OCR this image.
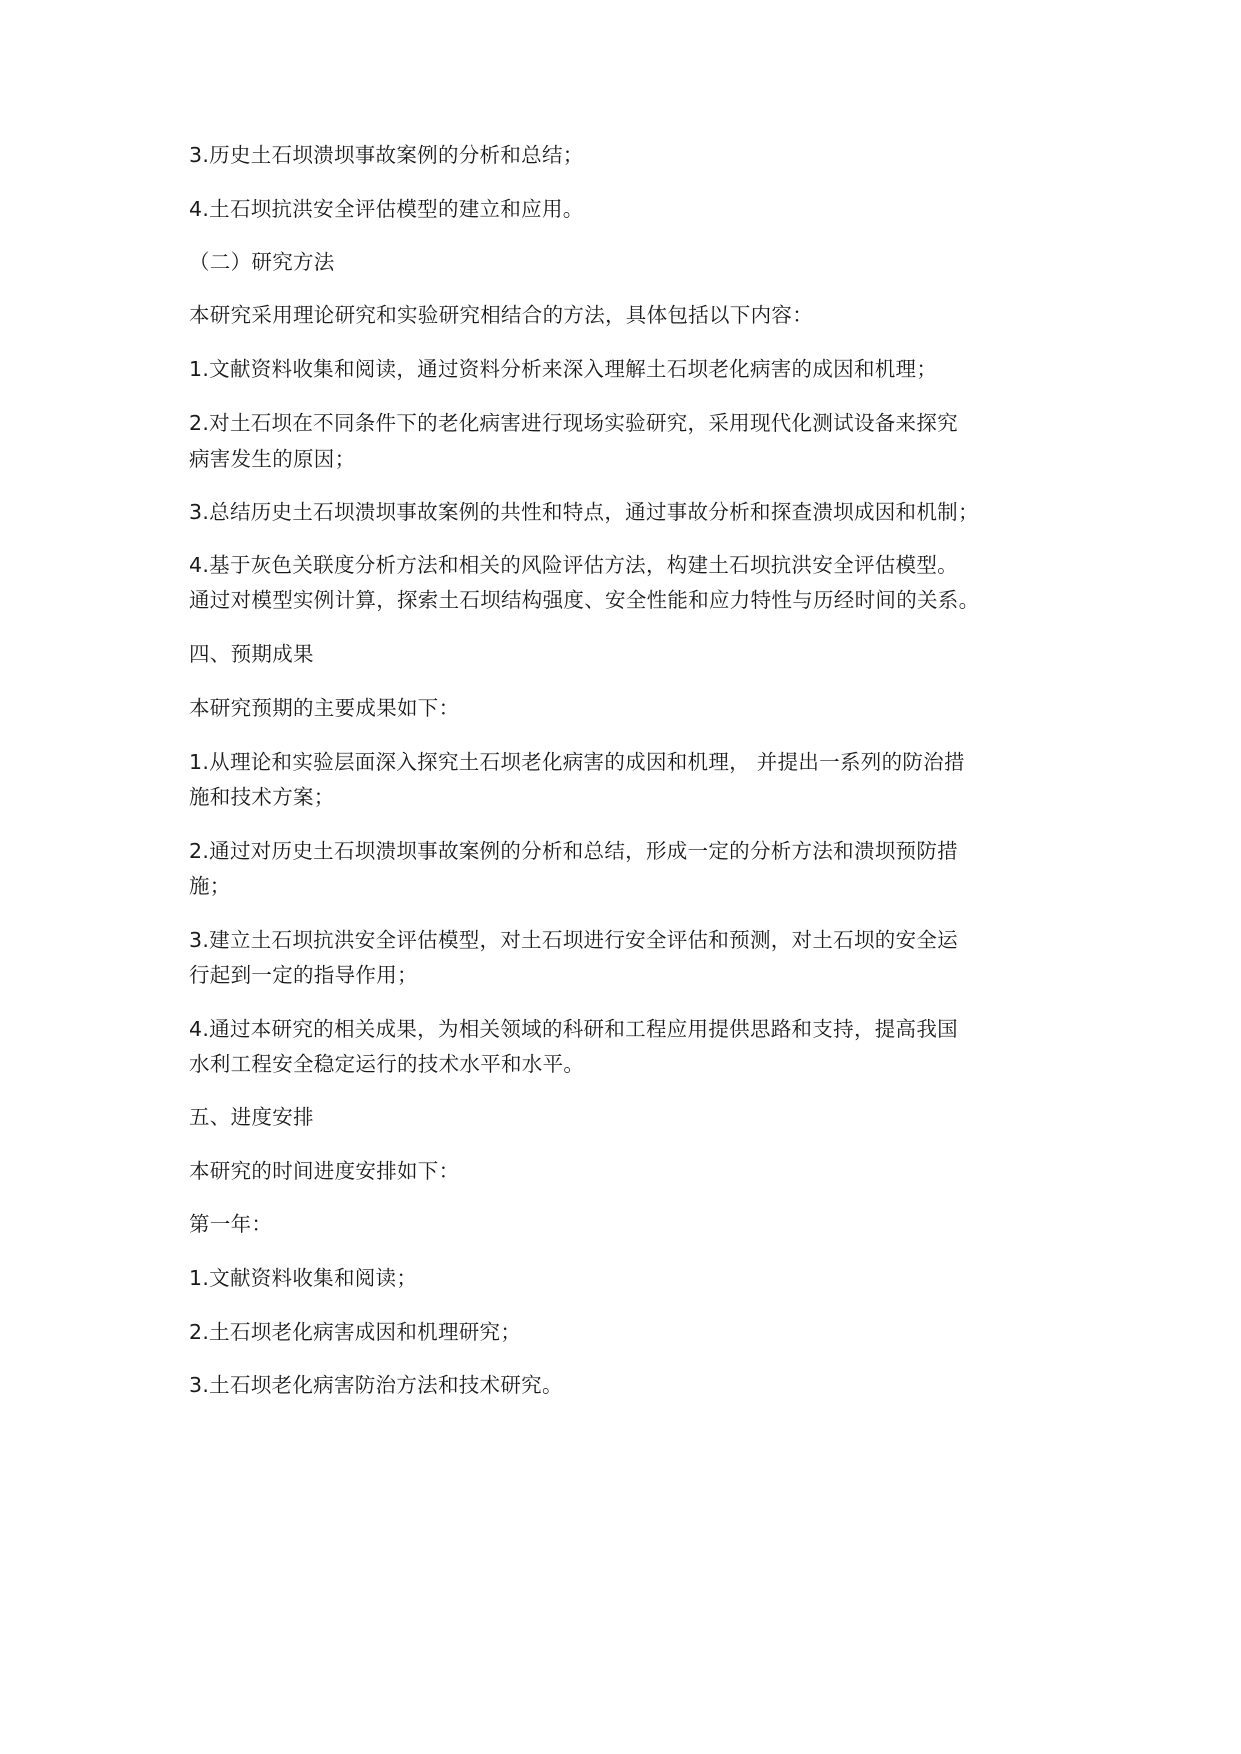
3.历史土石坝溃坝事故案例的分析和总结；
4.土石坝抗洪安全评估模型的建立和应用。
（二）研究方法
本研究采用理论研究和实验研究相结合的方法，具体包括以下内容：
1.文献资料收集和阅读，通过资料分析来深入理解土石坝老化病害的成因和机理；
2.对土石坝在不同条件下的老化病害进行现场实验研究，采用现代化测试设备来探究
病害发生的原因；
3.总结历史土石坝溃坝事故案例的共性和特点，通过事故分析和探查溃坝成因和机制；
4.基于灰色关联度分析方法和相关的风险评估方法，构建土石坝抗洪安全评估模型。
通过对模型实例计算，探索土石坝结构强度、安全性能和应力特性与历经时间的关系。
四、预期成果
本研究预期的主要成果如下：
1.从理论和实验层面深入探究土石坝老化病害的成因和机理， 并提出一系列的防治措
施和技术方案；
2.通过对历史土石坝溃坝事故案例的分析和总结，形成一定的分析方法和溃坝预防措
施；
3.建立土石坝抗洪安全评估模型，对土石坝进行安全评估和预测，对土石坝的安全运
行起到一定的指导作用；
4.通过本研究的相关成果，为相关领域的科研和工程应用提供思路和支持，提高我国
水利工程安全稳定运行的技术水平和水平。
五、进度安排
本研究的时间进度安排如下：
第一年：
1.文献资料收集和阅读；
2.土石坝老化病害成因和机理研究；
3.土石坝老化病害防治方法和技术研究。
